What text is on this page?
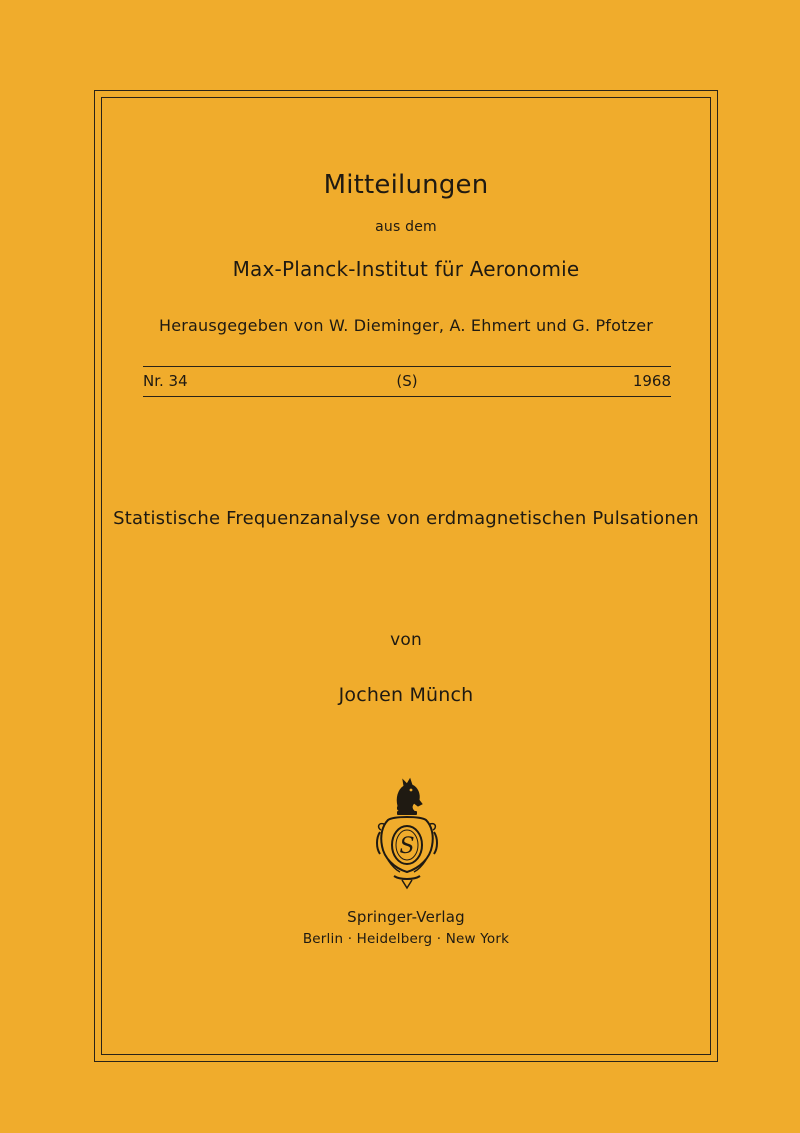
Mitteilungen
aus dem
Max-Planck-Institut für Aeronomie
Herausgegeben von W. Dieminger, A. Ehmert und G. Pfotzer
Nr. 34	(S)	1968
Statistische Frequenzanalyse von erdmagnetischen Pulsationen
von
Jochen Münch
S
Springer-Verlag
Berlin · Heidelberg · New York
